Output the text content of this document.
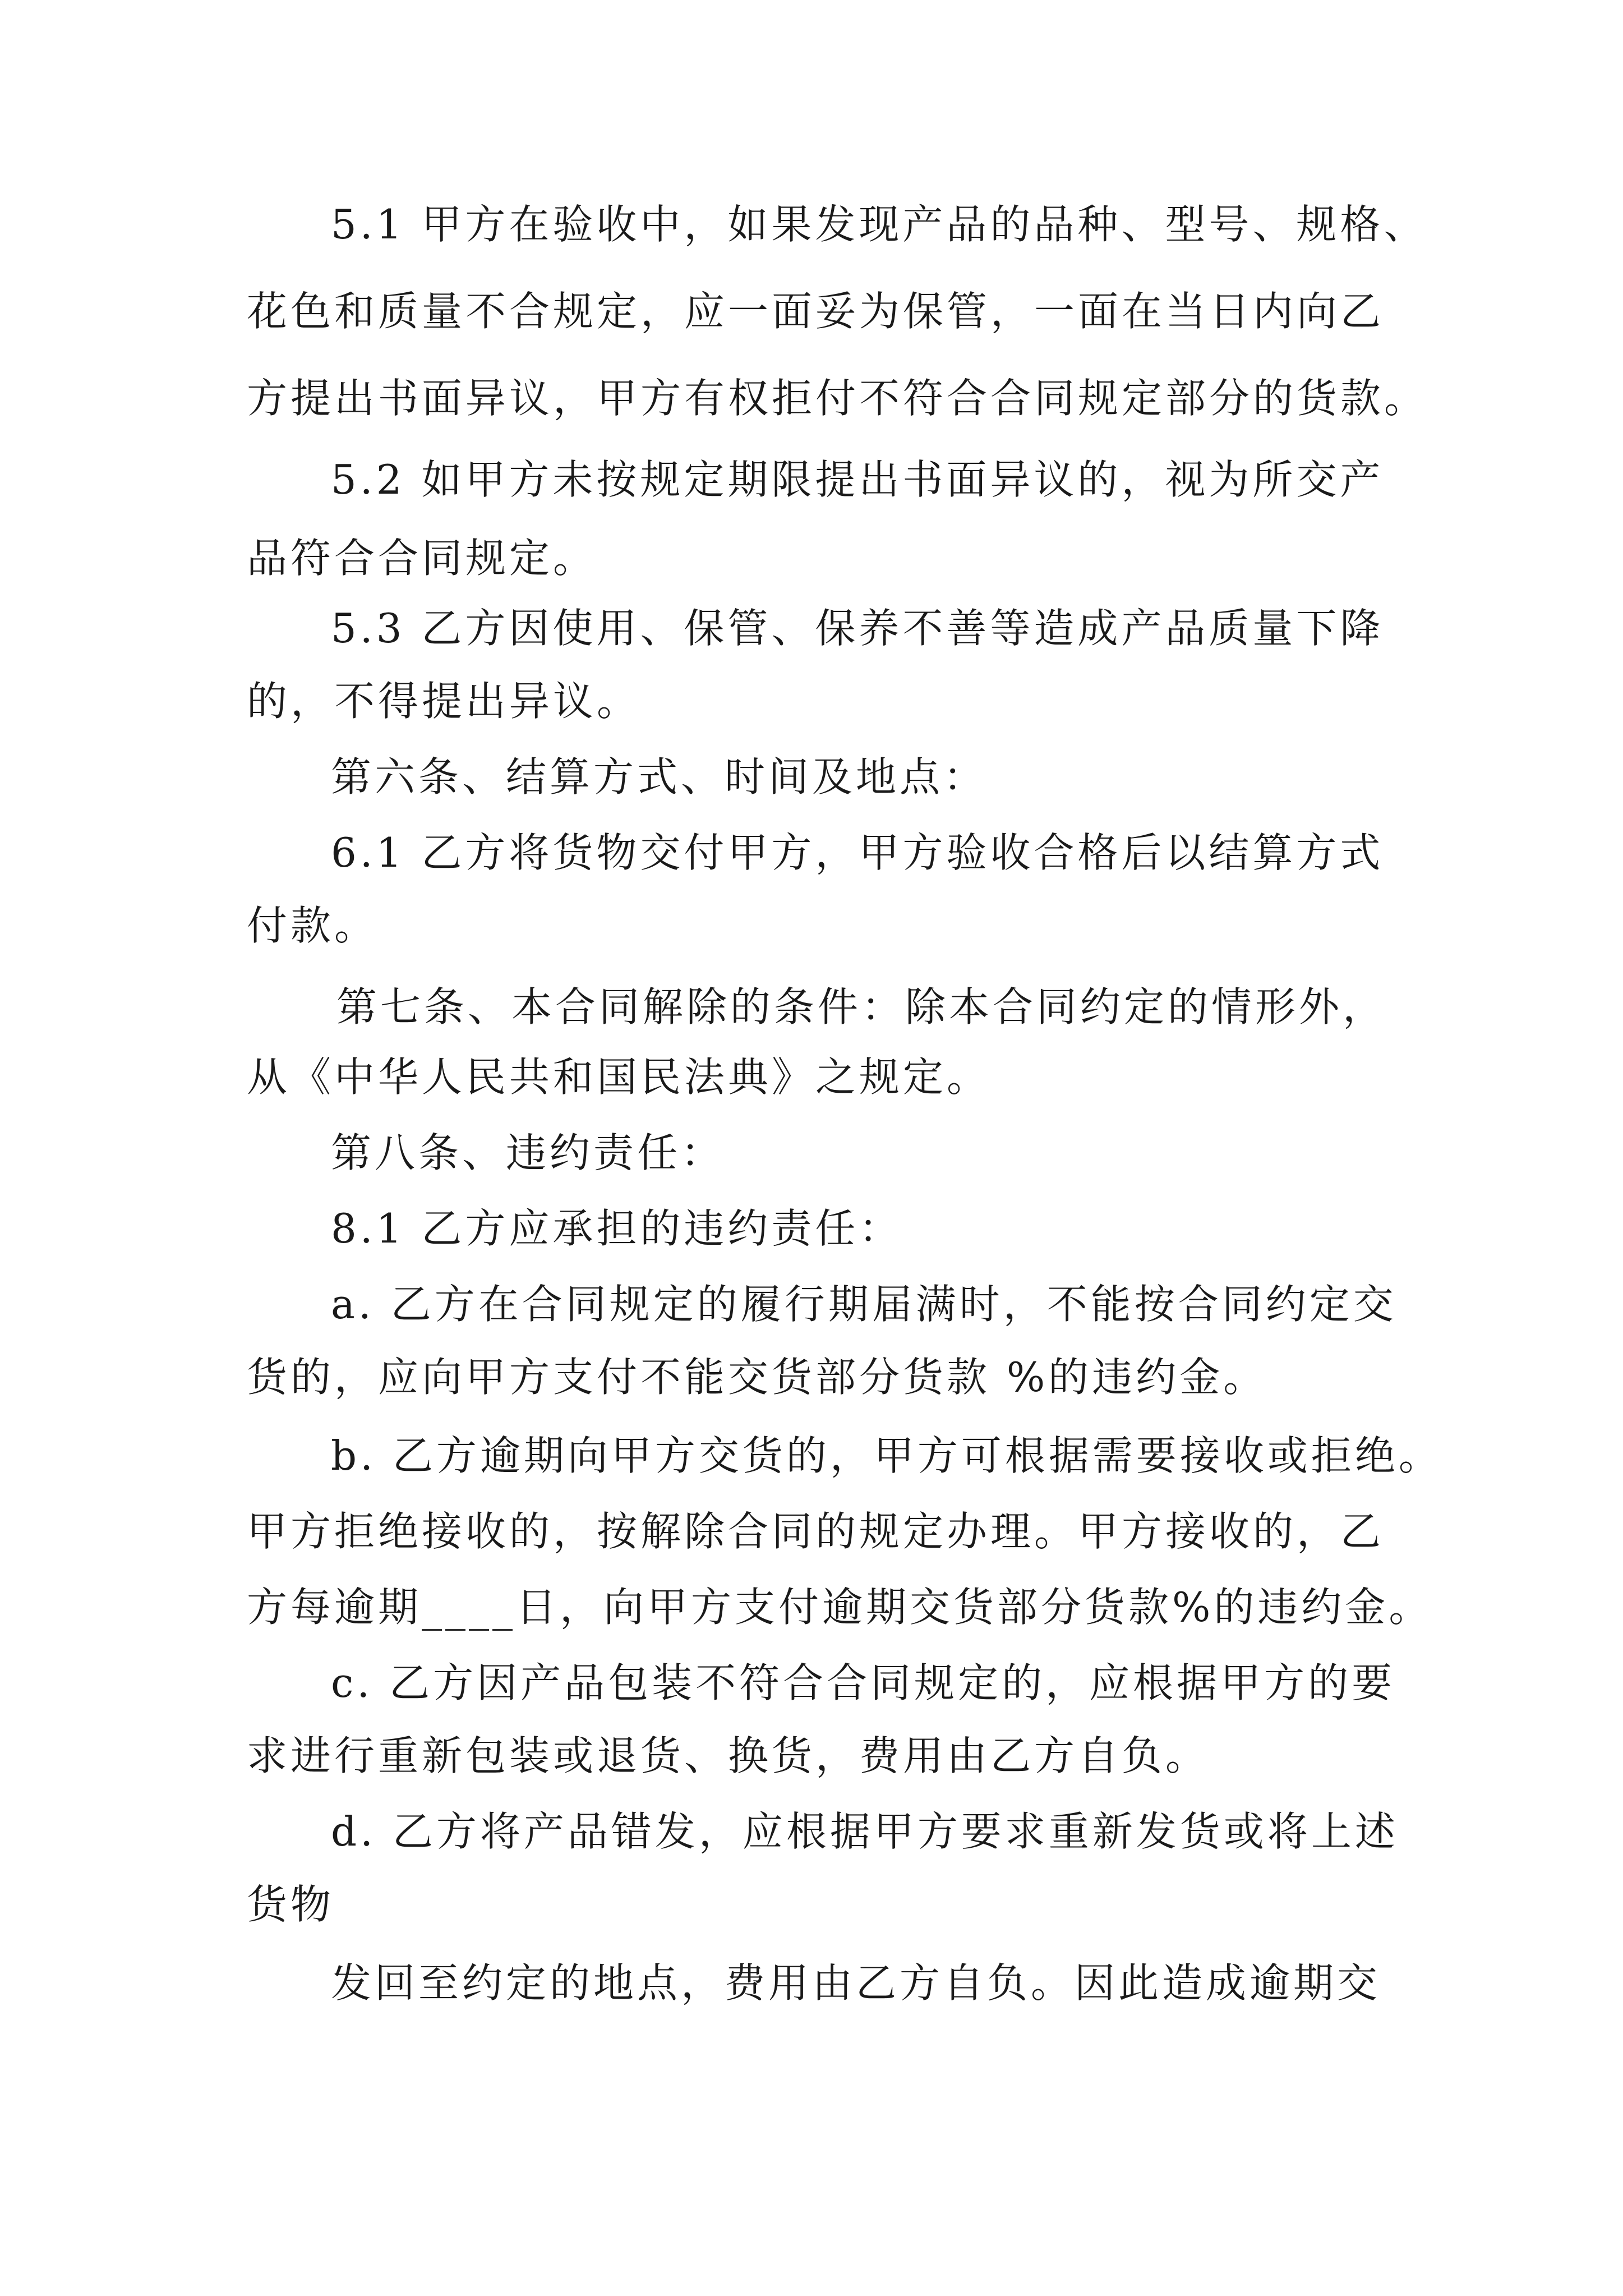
5.1 甲方在验收中，如果发现产品的品种、型号、规格、
花色和质量不合规定，应一面妥为保管，一面在当日内向乙
方提出书面异议，甲方有权拒付不符合合同规定部分的货款。
5.2 如甲方未按规定期限提出书面异议的，视为所交产
品符合合同规定。
5.3 乙方因使用、保管、保养不善等造成产品质量下降
的，不得提出异议。
第六条、结算方式、时间及地点：
6.1 乙方将货物交付甲方，甲方验收合格后以结算方式
付款。
第七条、本合同解除的条件：除本合同约定的情形外，
从《中华人民共和国民法典》之规定。
第八条、违约责任：
8.1 乙方应承担的违约责任：
a. 乙方在合同规定的履行期届满时，不能按合同约定交
货的，应向甲方支付不能交货部分货款 %的违约金。
b. 乙方逾期向甲方交货的，甲方可根据需要接收或拒绝。
甲方拒绝接收的，按解除合同的规定办理。甲方接收的，乙
方每逾期____日，向甲方支付逾期交货部分货款%的违约金。
c. 乙方因产品包装不符合合同规定的，应根据甲方的要
求进行重新包装或退货、换货，费用由乙方自负。
d. 乙方将产品错发，应根据甲方要求重新发货或将上述
货物
发回至约定的地点，费用由乙方自负。因此造成逾期交
